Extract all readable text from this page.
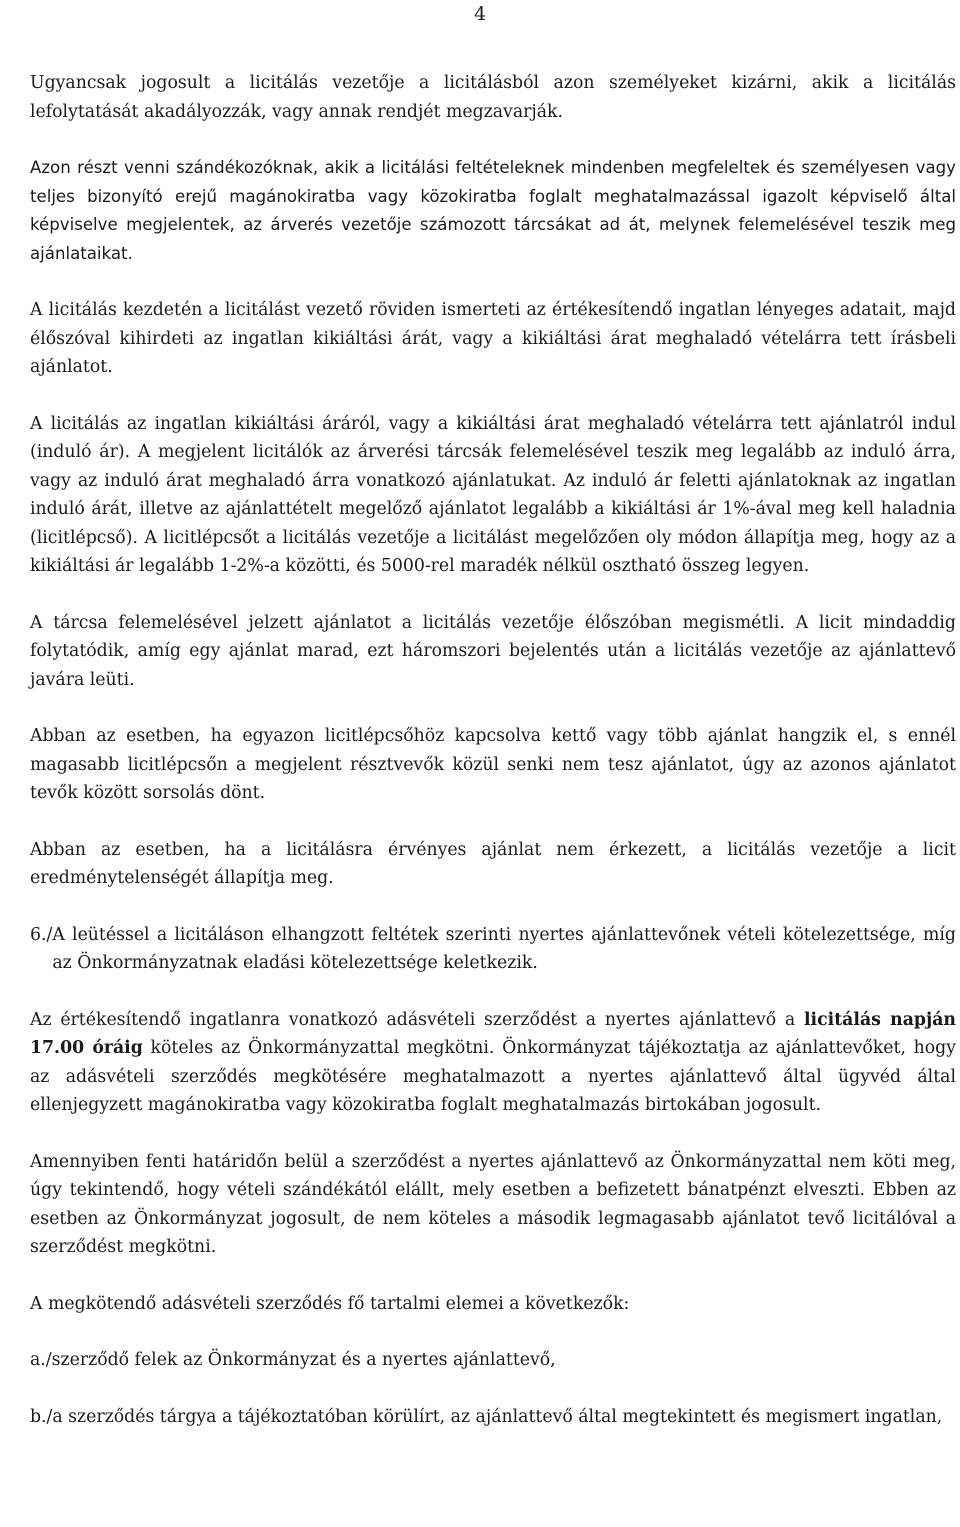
4

Ugyancsak jogosult a licitálás vezetője a licitálásból azon személyeket kizárni, akik a licitálás lefolytatását akadályozzák, vagy annak rendjét megzavarják.

Azon részt venni szándékozóknak, akik a licitálási feltételeknek mindenben megfeleltek és személyesen vagy teljes bizonyító erejű magánokiratba vagy közokiratba foglalt meghatalmazással igazolt képviselő által képviselve megjelentek, az árverés vezetője számozott tárcsákat ad át, melynek felemelésével teszik meg ajánlataikat.

A licitálás kezdetén a licitálást vezető röviden ismerteti az értékesítendő ingatlan lényeges adatait, majd élőszóval kihirdeti az ingatlan kikiáltási árát, vagy a kikiáltási árat meghaladó vételárra tett írásbeli ajánlatot.

A licitálás az ingatlan kikiáltási áráról, vagy a kikiáltási árat meghaladó vételárra tett ajánlatról indul (induló ár). A megjelent licitálók az árverési tárcsák felemelésével teszik meg legalább az induló árra, vagy az induló árat meghaladó árra vonatkozó ajánlatukat. Az induló ár feletti ajánlatoknak az ingatlan induló árát, illetve az ajánlattételt megelőző ajánlatot legalább a kikiáltási ár 1%-ával meg kell haladnia (licitlépcső). A licitlépcsőt a licitálás vezetője a licitálást megelőzően oly módon állapítja meg, hogy az a kikiáltási ár legalább 1-2%-a közötti, és 5000-rel maradék nélkül osztható összeg legyen.

A tárcsa felemelésével jelzett ajánlatot a licitálás vezetője élőszóban megismétli. A licit mindaddig folytatódik, amíg egy ajánlat marad, ezt háromszori bejelentés után a licitálás vezetője az ajánlattevő javára leüti.

Abban az esetben, ha egyazon licitlépcsőhöz kapcsolva kettő vagy több ajánlat hangzik el, s ennél magasabb licitlépcsőn a megjelent résztvevők közül senki nem tesz ajánlatot, úgy az azonos ajánlatot tevők között sorsolás dönt.

Abban az esetben, ha a licitálásra érvényes ajánlat nem érkezett, a licitálás vezetője a licit eredménytelenségét állapítja meg.

6./ A leütéssel a licitáláson elhangzott feltétek szerinti nyertes ajánlattevőnek vételi kötelezettsége, míg az Önkormányzatnak eladási kötelezettsége keletkezik.

Az értékesítendő ingatlanra vonatkozó adásvételi szerződést a nyertes ajánlattevő a licitálás napján 17.00 óráig köteles az Önkormányzattal megkötni. Önkormányzat tájékoztatja az ajánlattevőket, hogy az adásvételi szerződés megkötésére meghatalmazott a nyertes ajánlattevő által ügyvéd által ellenjegyzett magánokiratba vagy közokiratba foglalt meghatalmazás birtokában jogosult.

Amennyiben fenti határidőn belül a szerződést a nyertes ajánlattevő az Önkormányzattal nem köti meg, úgy tekintendő, hogy vételi szándékától elállt, mely esetben a befizetett bánatpénzt elveszti. Ebben az esetben az Önkormányzat jogosult, de nem köteles a második legmagasabb ajánlatot tevő licitálóval a szerződést megkötni.

A megkötendő adásvételi szerződés fő tartalmi elemei a következők:

a./ szerződő felek az Önkormányzat és a nyertes ajánlattevő,
b./ a szerződés tárgya a tájékoztatóban körülírt, az ajánlattevő által megtekintett és megismert ingatlan,
